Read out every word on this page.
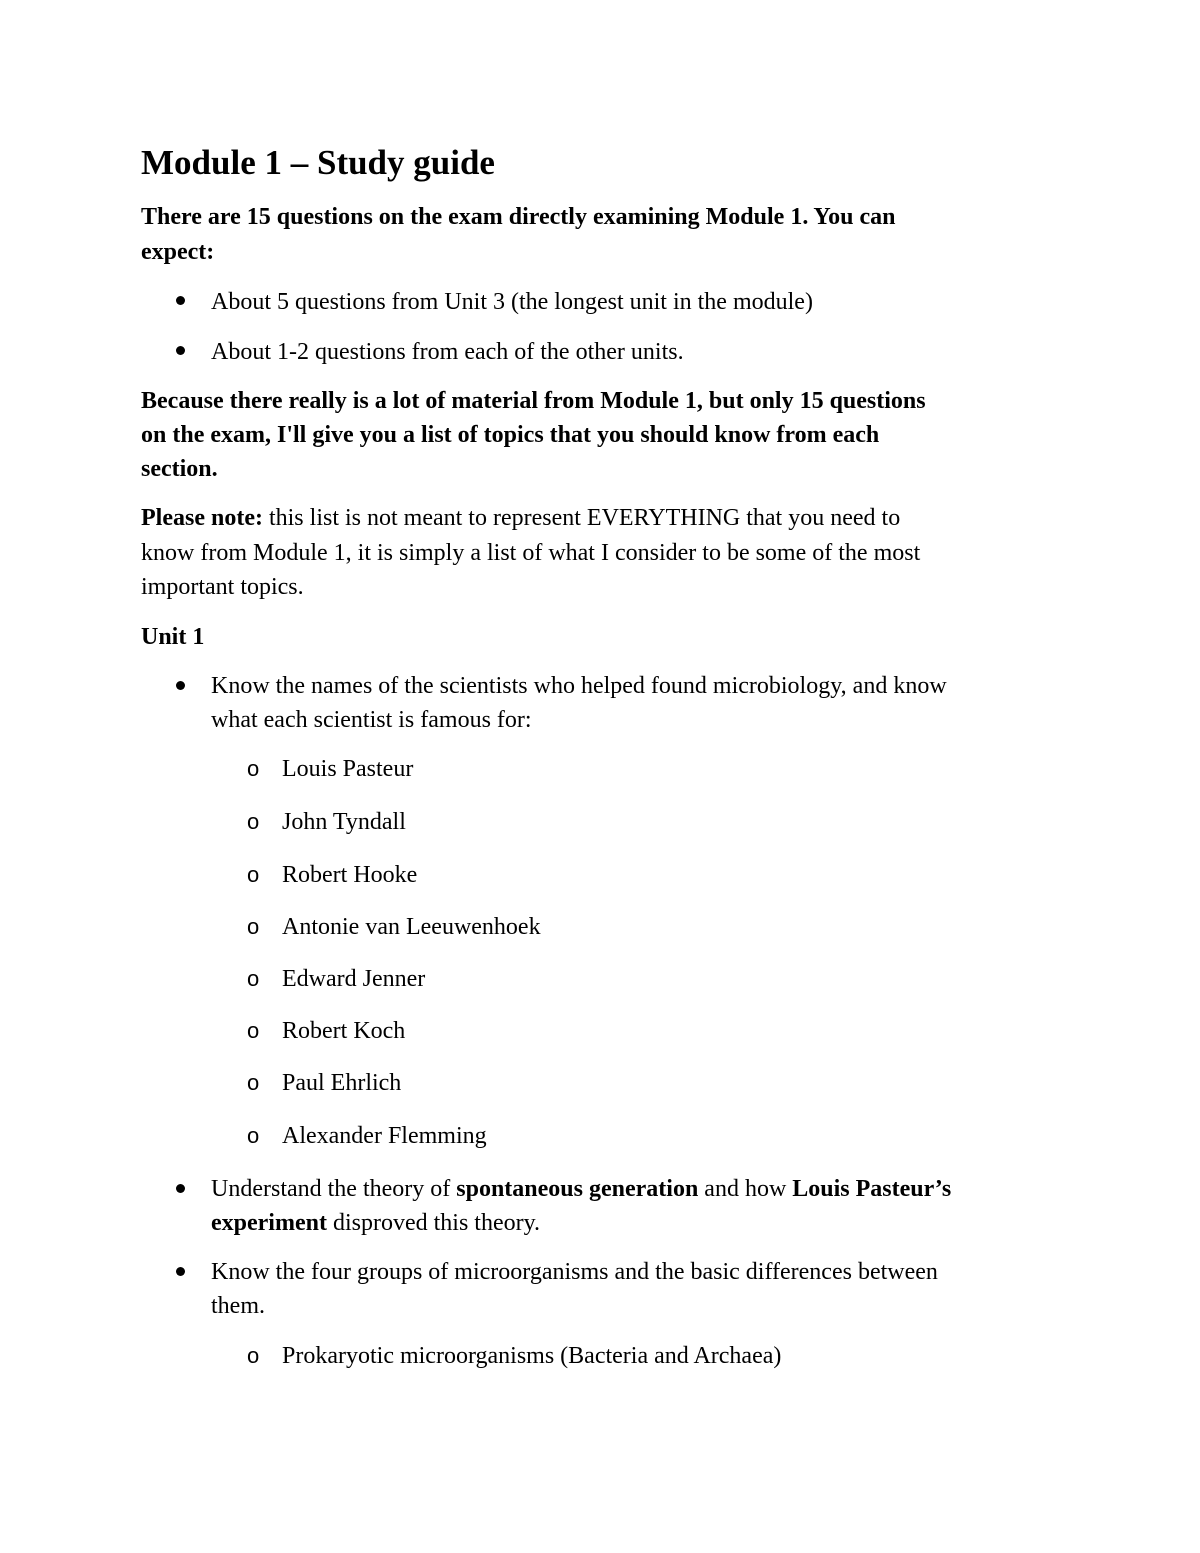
Module 1 – Study guide
There are 15 questions on the exam directly examining Module 1. You can
expect:
About 5 questions from Unit 3 (the longest unit in the module)
About 1-2 questions from each of the other units.
Because there really is a lot of material from Module 1, but only 15 questions
on the exam, I'll give you a list of topics that you should know from each
section.
Please note: this list is not meant to represent EVERYTHING that you need to
know from Module 1, it is simply a list of what I consider to be some of the most
important topics.
Unit 1
Know the names of the scientists who helped found microbiology, and know
what each scientist is famous for:
o Louis Pasteur
o John Tyndall
o Robert Hooke
o Antonie van Leeuwenhoek
o Edward Jenner
o Robert Koch
o Paul Ehrlich
o Alexander Flemming
Understand the theory of spontaneous generation and how Louis Pasteur’s
experiment disproved this theory.
Know the four groups of microorganisms and the basic differences between
them.
o Prokaryotic microorganisms (Bacteria and Archaea)
